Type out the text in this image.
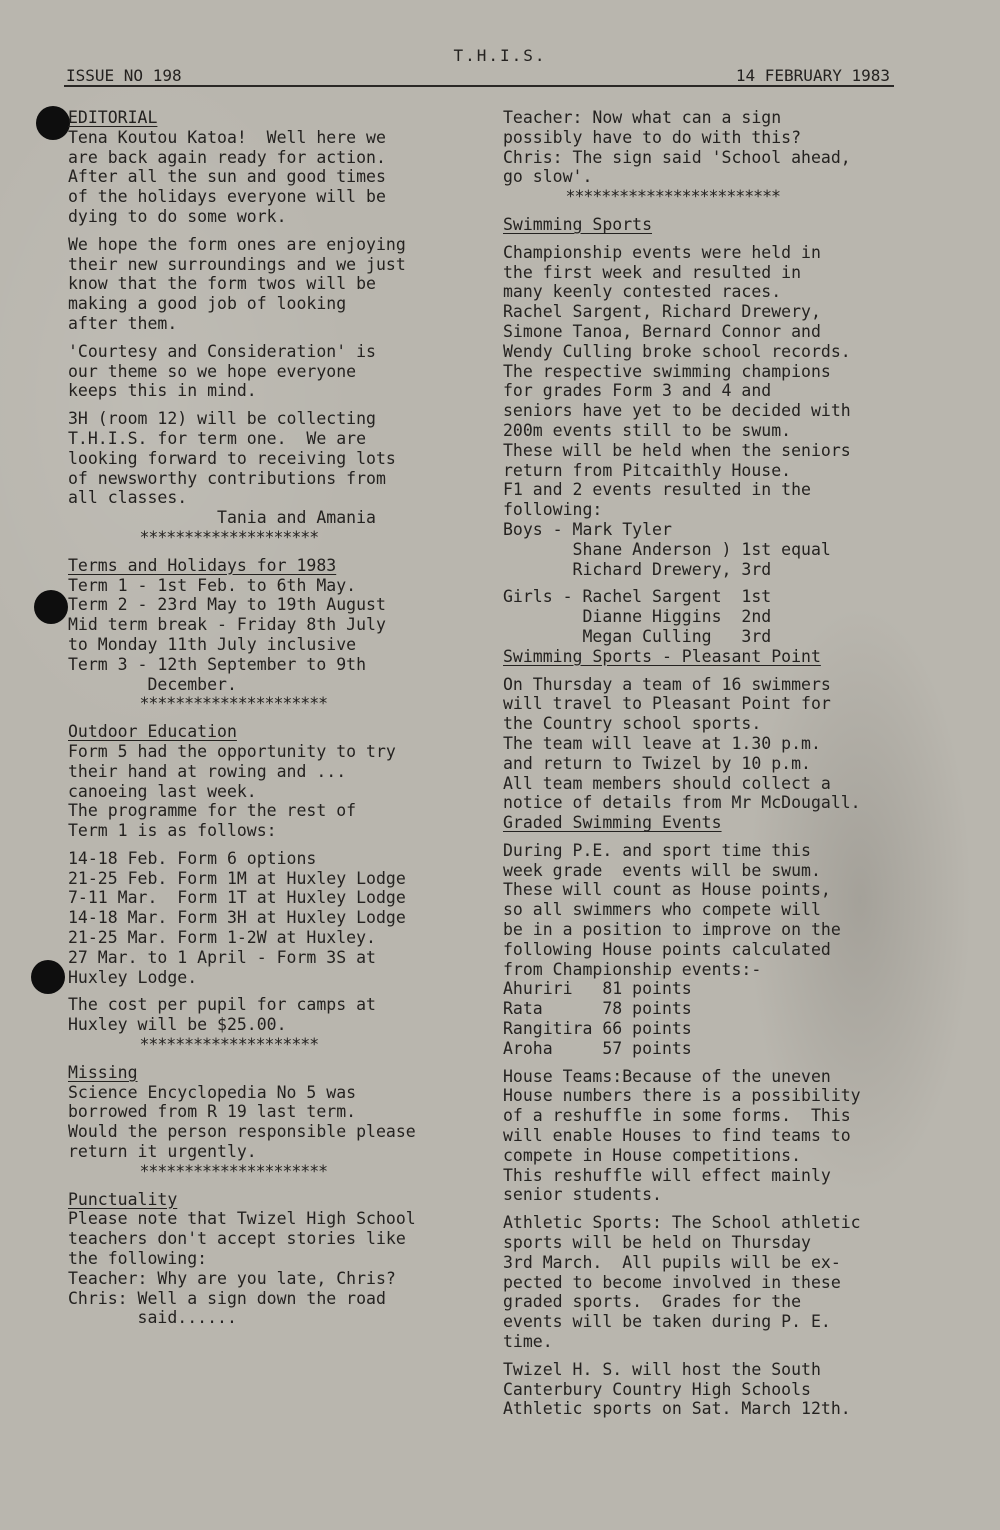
T.H.I.S.
ISSUE NO 198	14 FEBRUARY 1983
EDITORIAL
Tena Koutou Katoa!  Well here we
are back again ready for action.
After all the sun and good times
of the holidays everyone will be
dying to do some work.
We hope the form ones are enjoying
their new surroundings and we just
know that the form twos will be
making a good job of looking
after them.
'Courtesy and Consideration' is
our theme so we hope everyone
keeps this in mind.
3H (room 12) will be collecting
T.H.I.S. for term one.  We are
looking forward to receiving lots
of newsworthy contributions from
all classes.
Tania and Amania
********************
Terms and Holidays for 1983
Term 1 - 1st Feb. to 6th May.
Term 2 - 23rd May to 19th August
Mid term break - Friday 8th July
to Monday 11th July inclusive
Term 3 - 12th September to 9th
December.
*********************
Outdoor Education
Form 5 had the opportunity to try
their hand at rowing and ...
canoeing last week.
The programme for the rest of
Term 1 is as follows:
14-18 Feb. Form 6 options
21-25 Feb. Form 1M at Huxley Lodge
7-11 Mar.  Form 1T at Huxley Lodge
14-18 Mar. Form 3H at Huxley Lodge
21-25 Mar. Form 1-2W at Huxley.
27 Mar. to 1 April - Form 3S at
Huxley Lodge.
The cost per pupil for camps at
Huxley will be $25.00.
********************
Missing
Science Encyclopedia No 5 was
borrowed from R 19 last term.
Would the person responsible please
return it urgently.
*********************
Punctuality
Please note that Twizel High School
teachers don't accept stories like
the following:
Teacher: Why are you late, Chris?
Chris: Well a sign down the road
said......
Teacher: Now what can a sign
possibly have to do with this?
Chris: The sign said 'School ahead,
go slow'.
************************
Swimming Sports
Championship events were held in
the first week and resulted in
many keenly contested races.
Rachel Sargent, Richard Drewery,
Simone Tanoa, Bernard Connor and
Wendy Culling broke school records.
The respective swimming champions
for grades Form 3 and 4 and
seniors have yet to be decided with
200m events still to be swum.
These will be held when the seniors
return from Pitcaithly House.
F1 and 2 events resulted in the
following:
Boys - Mark Tyler
Shane Anderson ) 1st equal
Richard Drewery, 3rd
Girls - Rachel Sargent  1st
Dianne Higgins  2nd
Megan Culling   3rd
Swimming Sports - Pleasant Point
On Thursday a team of 16 swimmers
will travel to Pleasant Point for
the Country school sports.
The team will leave at 1.30 p.m.
and return to Twizel by 10 p.m.
All team members should collect a
notice of details from Mr McDougall.
Graded Swimming Events
During P.E. and sport time this
week grade  events will be swum.
These will count as House points,
so all swimmers who compete will
be in a position to improve on the
following House points calculated
from Championship events:-
Ahuriri   81 points
Rata      78 points
Rangitira 66 points
Aroha     57 points
House Teams:Because of the uneven
House numbers there is a possibility
of a reshuffle in some forms.  This
will enable Houses to find teams to
compete in House competitions.
This reshuffle will effect mainly
senior students.
Athletic Sports: The School athletic
sports will be held on Thursday
3rd March.  All pupils will be ex-
pected to become involved in these
graded sports.  Grades for the
events will be taken during P. E.
time.
Twizel H. S. will host the South
Canterbury Country High Schools
Athletic sports on Sat. March 12th.
